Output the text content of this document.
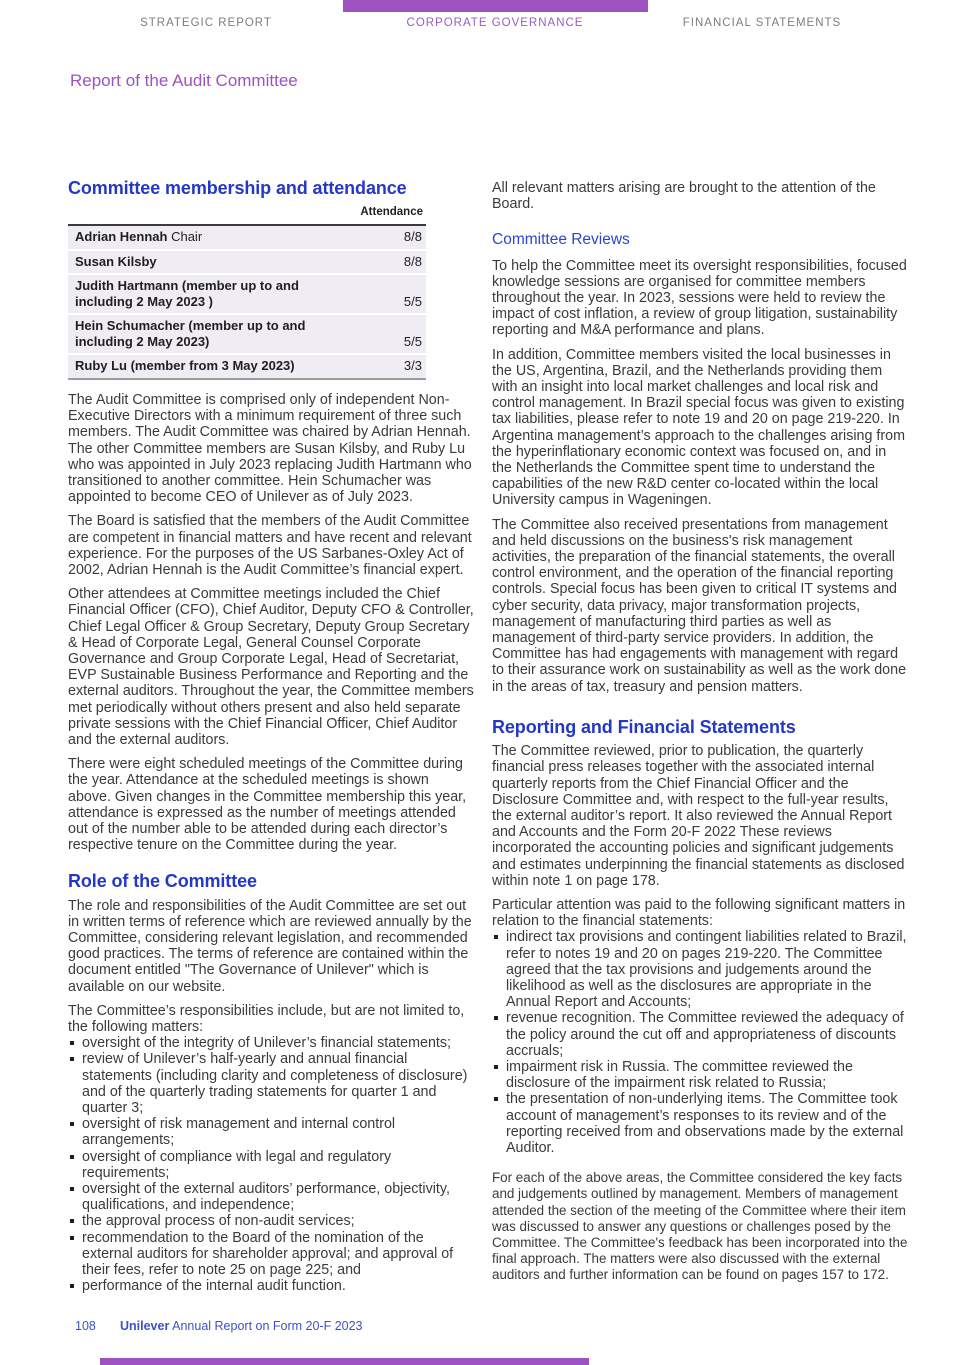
STRATEGIC REPORT	CORPORATE GOVERNANCE	FINANCIAL STATEMENTS
Report of the Audit Committee
Committee membership and attendance
Attendance
Adrian Hennah Chair	8/8
Susan Kilsby	8/8
Judith Hartmann (member up to and including 2 May 2023 )	5/5
Hein Schumacher (member up to and including 2 May 2023)	5/5
Ruby Lu (member from 3 May 2023)	3/3

The Audit Committee is comprised only of independent Non-Executive Directors with a minimum requirement of three such members. The Audit Committee was chaired by Adrian Hennah. The other Committee members are Susan Kilsby, and Ruby Lu who was appointed in July 2023 replacing Judith Hartmann who transitioned to another committee. Hein Schumacher was appointed to become CEO of Unilever as of July 2023.

The Board is satisfied that the members of the Audit Committee are competent in financial matters and have recent and relevant experience. For the purposes of the US Sarbanes-Oxley Act of 2002, Adrian Hennah is the Audit Committee’s financial expert.

Other attendees at Committee meetings included the Chief Financial Officer (CFO), Chief Auditor, Deputy CFO & Controller, Chief Legal Officer & Group Secretary, Deputy Group Secretary & Head of Corporate Legal, General Counsel Corporate Governance and Group Corporate Legal, Head of Secretariat, EVP Sustainable Business Performance and Reporting and the external auditors. Throughout the year, the Committee members met periodically without others present and also held separate private sessions with the Chief Financial Officer, Chief Auditor and the external auditors.

There were eight scheduled meetings of the Committee during the year. Attendance at the scheduled meetings is shown above. Given changes in the Committee membership this year, attendance is expressed as the number of meetings attended out of the number able to be attended during each director’s respective tenure on the Committee during the year.

Role of the Committee

The role and responsibilities of the Audit Committee are set out in written terms of reference which are reviewed annually by the Committee, considering relevant legislation, and recommended good practices. The terms of reference are contained within the document entitled "The Governance of Unilever" which is available on our website.

The Committee’s responsibilities include, but are not limited to, the following matters:

oversight of the integrity of Unilever’s financial statements;
review of Unilever’s half-yearly and annual financial statements (including clarity and completeness of disclosure) and of the quarterly trading statements for quarter 1 and quarter 3;
oversight of risk management and internal control arrangements;
oversight of compliance with legal and regulatory requirements;
oversight of the external auditors’ performance, objectivity, qualifications, and independence;
the approval process of non-audit services;
recommendation to the Board of the nomination of the external auditors for shareholder approval; and approval of their fees, refer to note 25 on page 225; and
performance of the internal audit function.

All relevant matters arising are brought to the attention of the Board.

Committee Reviews

To help the Committee meet its oversight responsibilities, focused knowledge sessions are organised for committee members throughout the year. In 2023, sessions were held to review the impact of cost inflation, a review of group litigation, sustainability reporting and M&A performance and plans.

In addition, Committee members visited the local businesses in the US, Argentina, Brazil, and the Netherlands providing them with an insight into local market challenges and local risk and control management. In Brazil special focus was given to existing tax liabilities, please refer to note 19 and 20 on page 219-220. In Argentina management’s approach to the challenges arising from the hyperinflationary economic context was focused on, and in the Netherlands the Committee spent time to understand the capabilities of the new R&D center co-located within the local University campus in Wageningen.

The Committee also received presentations from management and held discussions on the business's risk management activities, the preparation of the financial statements, the overall control environment, and the operation of the financial reporting controls. Special focus has been given to critical IT systems and cyber security, data privacy, major transformation projects, management of manufacturing third parties as well as management of third-party service providers. In addition, the Committee has had engagements with management with regard to their assurance work on sustainability as well as the work done in the areas of tax, treasury and pension matters.

Reporting and Financial Statements

The Committee reviewed, prior to publication, the quarterly financial press releases together with the associated internal quarterly reports from the Chief Financial Officer and the Disclosure Committee and, with respect to the full-year results, the external auditor’s report. It also reviewed the Annual Report and Accounts and the Form 20-F 2022 These reviews incorporated the accounting policies and significant judgements and estimates underpinning the financial statements as disclosed within note 1 on page 178.

Particular attention was paid to the following significant matters in relation to the financial statements:

indirect tax provisions and contingent liabilities related to Brazil, refer to notes 19 and 20 on pages 219-220. The Committee agreed that the tax provisions and judgements around the likelihood as well as the disclosures are appropriate in the Annual Report and Accounts;
revenue recognition. The Committee reviewed the adequacy of the policy around the cut off and appropriateness of discounts accruals;
impairment risk in Russia. The committee reviewed the disclosure of the impairment risk related to Russia;
the presentation of non-underlying items. The Committee took account of management’s responses to its review and of the reporting received from and observations made by the external Auditor.

For each of the above areas, the Committee considered the key facts and judgements outlined by management. Members of management attended the section of the meeting of the Committee where their item was discussed to answer any questions or challenges posed by the Committee. The Committee's feedback has been incorporated into the final approach. The matters were also discussed with the external auditors and further information can be found on pages 157 to 172.

108 Unilever Annual Report on Form 20-F 2023
